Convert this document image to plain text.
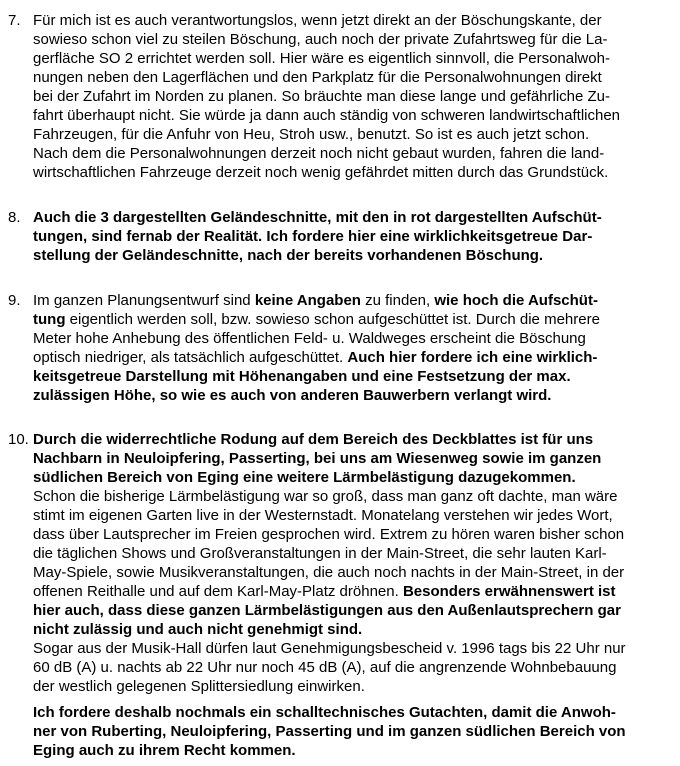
7. Für mich ist es auch verantwortungslos, wenn jetzt direkt an der Böschungskante, der
sowieso schon viel zu steilen Böschung, auch noch der private Zufahrtsweg für die La-
gerfläche SO 2 errichtet werden soll. Hier wäre es eigentlich sinnvoll, die Personalwoh-
nungen neben den Lagerflächen und den Parkplatz für die Personalwohnungen direkt
bei der Zufahrt im Norden zu planen. So bräuchte man diese lange und gefährliche Zu-
fahrt überhaupt nicht. Sie würde ja dann auch ständig von schweren landwirtschaftlichen
Fahrzeugen, für die Anfuhr von Heu, Stroh usw., benutzt. So ist es auch jetzt schon.
Nach dem die Personalwohnungen derzeit noch nicht gebaut wurden, fahren die land-
wirtschaftlichen Fahrzeuge derzeit noch wenig gefährdet mitten durch das Grundstück.
8. Auch die 3 dargestellten Geländeschnitte, mit den in rot dargestellten Aufschüt-
tungen, sind fernab der Realität. Ich fordere hier eine wirklichkeitsgetreue Dar-
stellung der Geländeschnitte, nach der bereits vorhandenen Böschung.
9. Im ganzen Planungsentwurf sind keine Angaben zu finden, wie hoch die Aufschüt-
tung eigentlich werden soll, bzw. sowieso schon aufgeschüttet ist. Durch die mehrere
Meter hohe Anhebung des öffentlichen Feld- u. Waldweges erscheint die Böschung
optisch niedriger, als tatsächlich aufgeschüttet. Auch hier fordere ich eine wirklich-
keitsgetreue Darstellung mit Höhenangaben und eine Festsetzung der max.
zulässigen Höhe, so wie es auch von anderen Bauwerbern verlangt wird.
10. Durch die widerrechtliche Rodung auf dem Bereich des Deckblattes ist für uns
Nachbarn in Neuloipfering, Passerting, bei uns am Wiesenweg sowie im ganzen
südlichen Bereich von Eging eine weitere Lärmbelästigung dazugekommen.
Schon die bisherige Lärmbelästigung war so groß, dass man ganz oft dachte, man wäre
stimt im eigenen Garten live in der Westernstadt. Monatelang verstehen wir jedes Wort,
dass über Lautsprecher im Freien gesprochen wird. Extrem zu hören waren bisher schon
die täglichen Shows und Großveranstaltungen in der Main-Street, die sehr lauten Karl-
May-Spiele, sowie Musikveranstaltungen, die auch noch nachts in der Main-Street, in der
offenen Reithalle und auf dem Karl-May-Platz dröhnen. Besonders erwähnenswert ist
hier auch, dass diese ganzen Lärmbelästigungen aus den Außenlautsprechern gar
nicht zulässig und auch nicht genehmigt sind.
Sogar aus der Musik-Hall dürfen laut Genehmigungsbescheid v. 1996 tags bis 22 Uhr nur
60 dB (A) u. nachts ab 22 Uhr nur noch 45 dB (A), auf die angrenzende Wohnbebauung
der westlich gelegenen Splittersiedlung einwirken.
Ich fordere deshalb nochmals ein schalltechnisches Gutachten, damit die Anwoh-
ner von Ruberting, Neuloipfering, Passerting und im ganzen südlichen Bereich von
Eging auch zu ihrem Recht kommen.
